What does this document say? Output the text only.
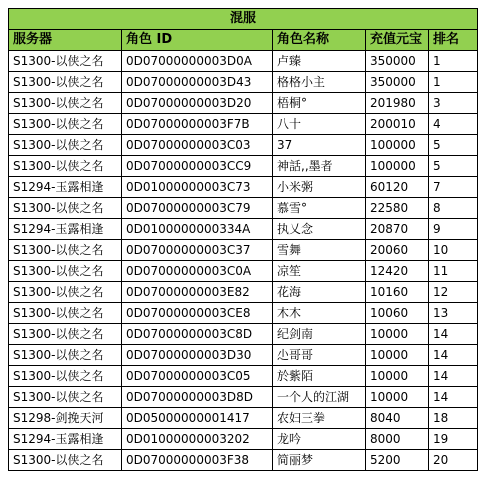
混服				
服务器	角色 ID	角色名称	充值元宝	排名
S1300-以侠之名	0D07000000003D0A	卢臻	350000	1
S1300-以侠之名	0D07000000003D43	格格小主	350000	1
S1300-以侠之名	0D07000000003D20	梧桐°	201980	3
S1300-以侠之名	0D07000000003F7B	八十	200010	4
S1300-以侠之名	0D07000000003C03	37	100000	5
S1300-以侠之名	0D07000000003CC9	神話,,墨者	100000	5
S1294-玉露相逢	0D01000000003C73	小米粥	60120	7
S1300-以侠之名	0D07000000003C79	慕雪°	22580	8
S1294-玉露相逢	0D0100000000334A	执乂念	20870	9
S1300-以侠之名	0D07000000003C37	雪舞	20060	10
S1300-以侠之名	0D07000000003C0A	凉笙	12420	11
S1300-以侠之名	0D07000000003E82	花海	10160	12
S1300-以侠之名	0D07000000003CE8	木木	10060	13
S1300-以侠之名	0D07000000003C8D	纪剑南	10000	14
S1300-以侠之名	0D07000000003D30	尐哥哥	10000	14
S1300-以侠之名	0D07000000003C05	於紫陌	10000	14
S1300-以侠之名	0D07000000003D8D	一个人的江湖	10000	14
S1298-剑挽天河	0D05000000001417	农妇三拳	8040	18
S1294-玉露相逢	0D01000000003202	龙吟	8000	19
S1300-以侠之名	0D07000000003F38	简丽梦	5200	20
